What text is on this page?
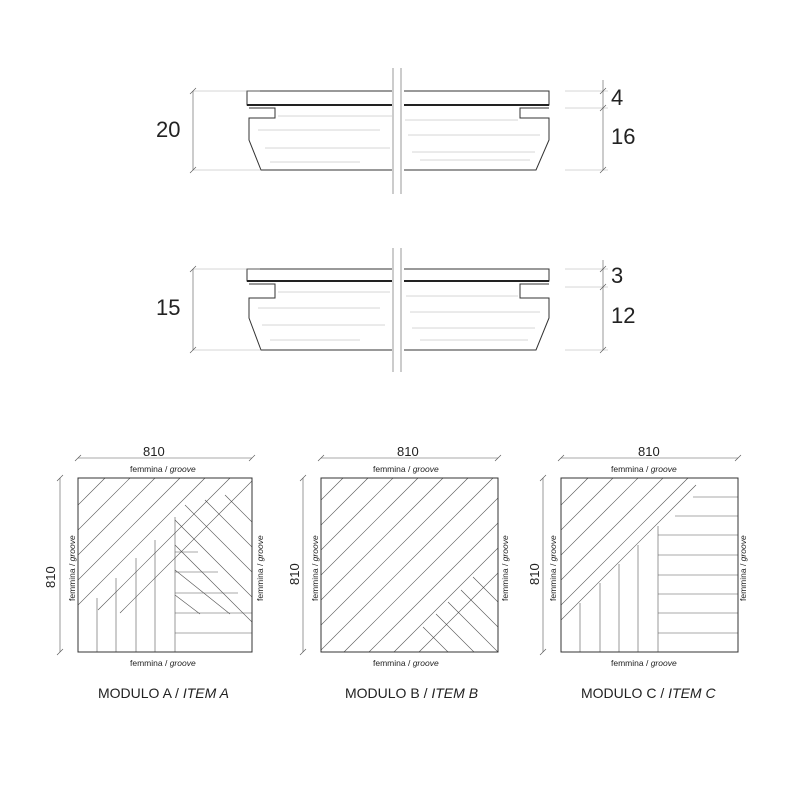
20
4
16
15
3
12
810
810
femmina / groove
femmina / groove
femmina / groove
femmina / groove
MODULO A / ITEM A
810
810
femmina / groove
femmina / groove
femmina / groove
femmina / groove
MODULO B / ITEM B
810
810
femmina / groove
femmina / groove
femmina / groove
femmina / groove
MODULO C / ITEM C
